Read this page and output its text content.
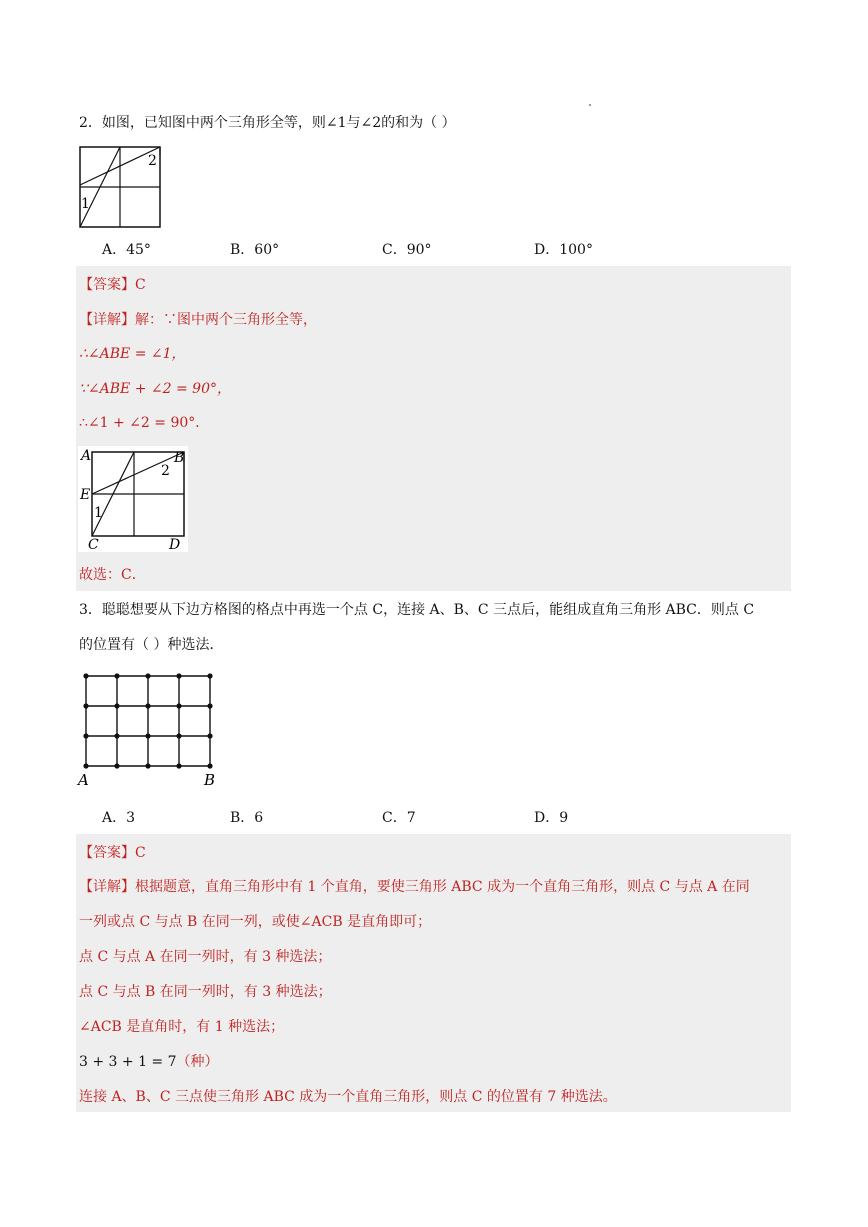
2．如图，已知图中两个三角形全等，则∠1与∠2的和为（ ）
2
1
A．45°	B．60°	C．90°	D．100°
【答案】C
【详解】解：∵图中两个三角形全等，
∴∠ABE = ∠1，
∵∠ABE + ∠2 = 90°，
∴∠1 + ∠2 = 90°．
A	B
2
E
1
C	D
故选：C．
3．聪聪想要从下边方格图的格点中再选一个点 C，连接 A、B、C 三点后，能组成直角三角形 ABC．则点 C
的位置有（ ）种选法．
A	B
A．3	B．6	C．7	D．9
【答案】C
【详解】根据题意，直角三角形中有 1 个直角，要使三角形 ABC 成为一个直角三角形，则点 C 与点 A 在同
一列或点 C 与点 B 在同一列，或使∠ACB 是直角即可；
点 C 与点 A 在同一列时，有 3 种选法；
点 C 与点 B 在同一列时，有 3 种选法；
∠ACB 是直角时，有 1 种选法；
3 + 3 + 1 = 7（种）
连接 A、B、C 三点使三角形 ABC 成为一个直角三角形，则点 C 的位置有 7 种选法。
